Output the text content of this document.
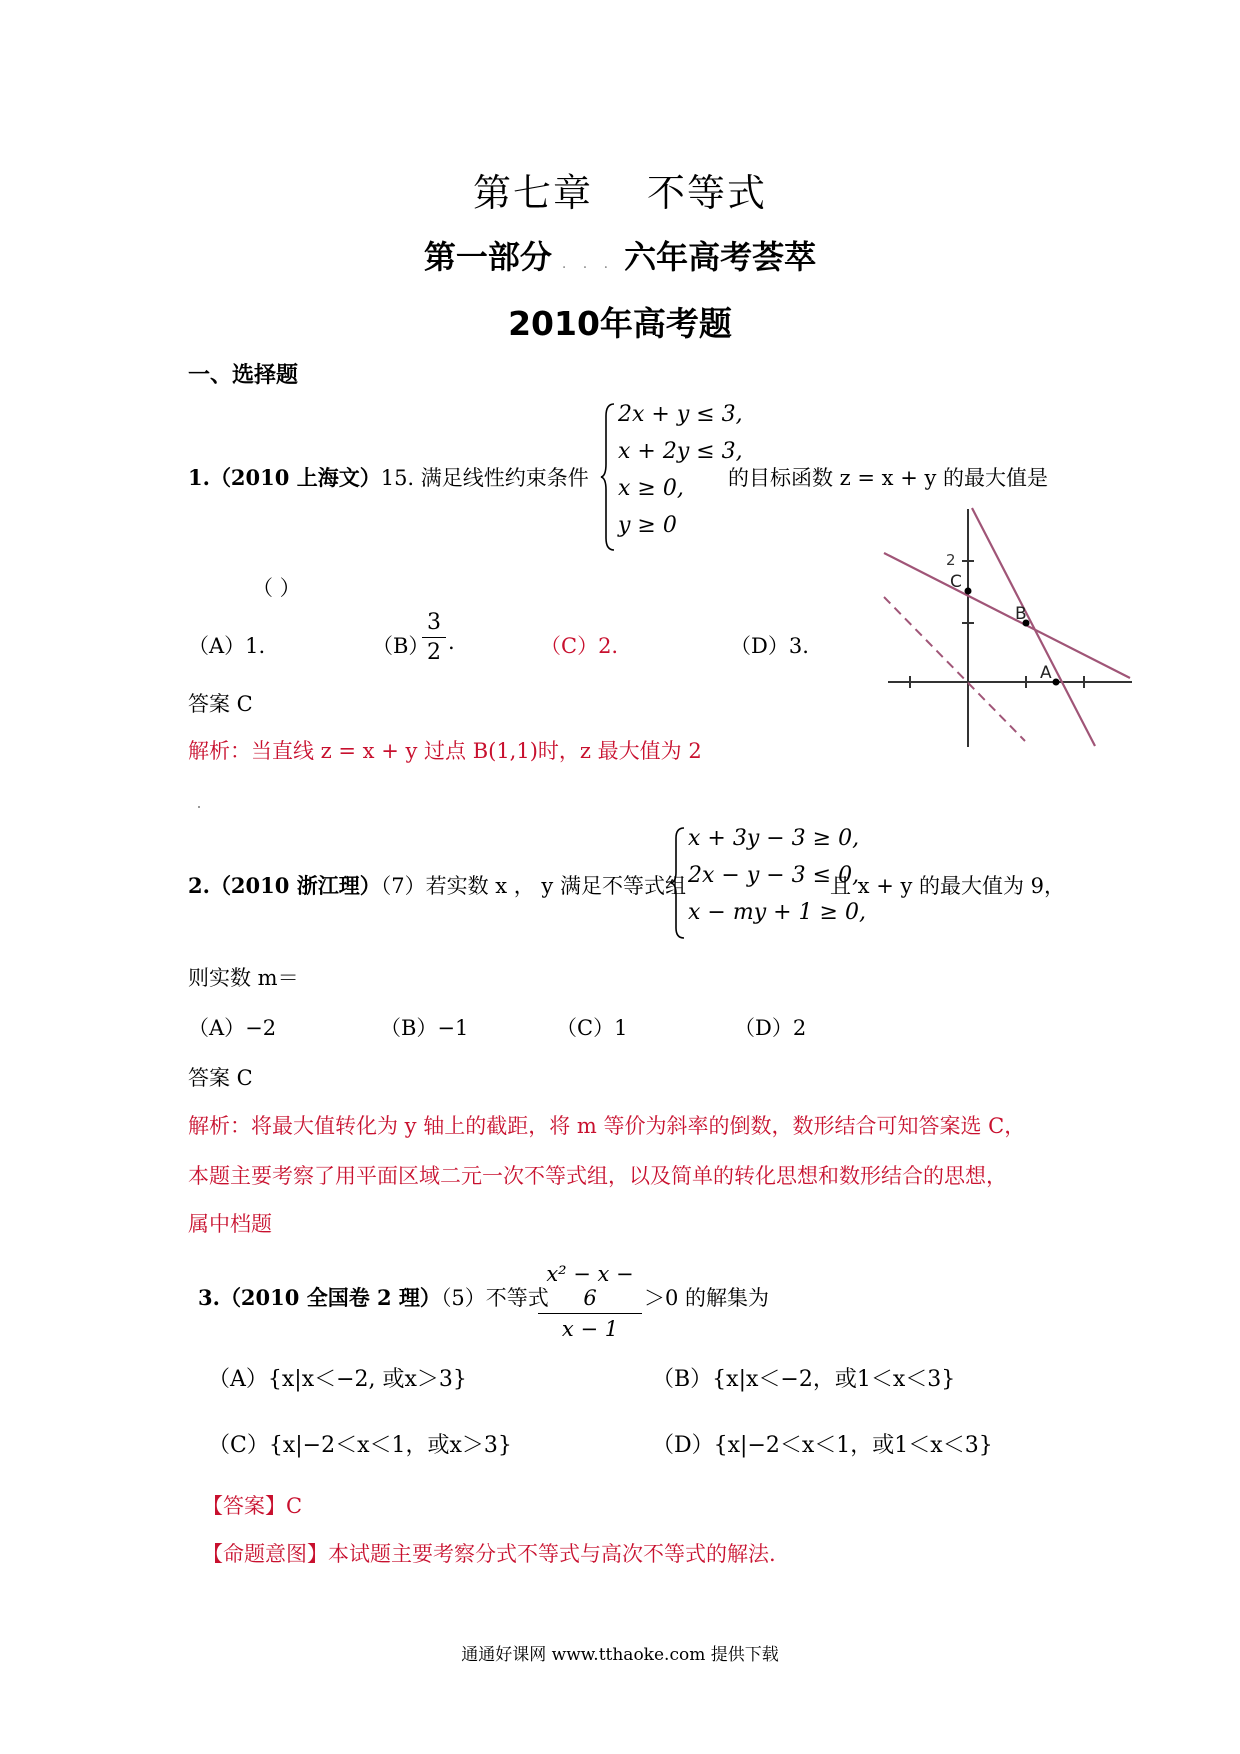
第七章 不等式
第一部分 . . . 六年高考荟萃
2010年高考题
一、选择题
1.（2010 上海文）15. 满足线性约束条件
2x + y ≤ 3,
x + 2y ≤ 3,
x ≥ 0,
y ≥ 0
的目标函数 z = x + y 的最大值是
（ ）
（A）1.	（B）
3
2 .	（C）2.	（D）3.
答案 C
解析：当直线 z = x + y 过点 B(1,1)时，z 最大值为 2
2
C
B
A
2.（2010 浙江理）（7）若实数 x ， y 满足不等式组
x + 3y − 3 ≥ 0,
2x − y − 3 ≤ 0,
x − my + 1 ≥ 0,
且 x + y 的最大值为 9，
则实数 m＝
（A）−2	（B）−1	（C）1	（D）2
答案 C
解析：将最大值转化为 y 轴上的截距，将 m 等价为斜率的倒数，数形结合可知答案选 C，
本题主要考察了用平面区域二元一次不等式组，以及简单的转化思想和数形结合的思想，
属中档题
3.（2010 全国卷 2 理）（5）不等式
x² − x − 6
x − 1
＞0 的解集为
（A）{x|x＜−2, 或x＞3}	（B）{x|x＜−2，或1＜x＜3}
（C）{x|−2＜x＜1，或x＞3}	（D）{x|−2＜x＜1，或1＜x＜3}
【答案】C
【命题意图】本试题主要考察分式不等式与高次不等式的解法.
通通好课网 www.tthaoke.com 提供下载
